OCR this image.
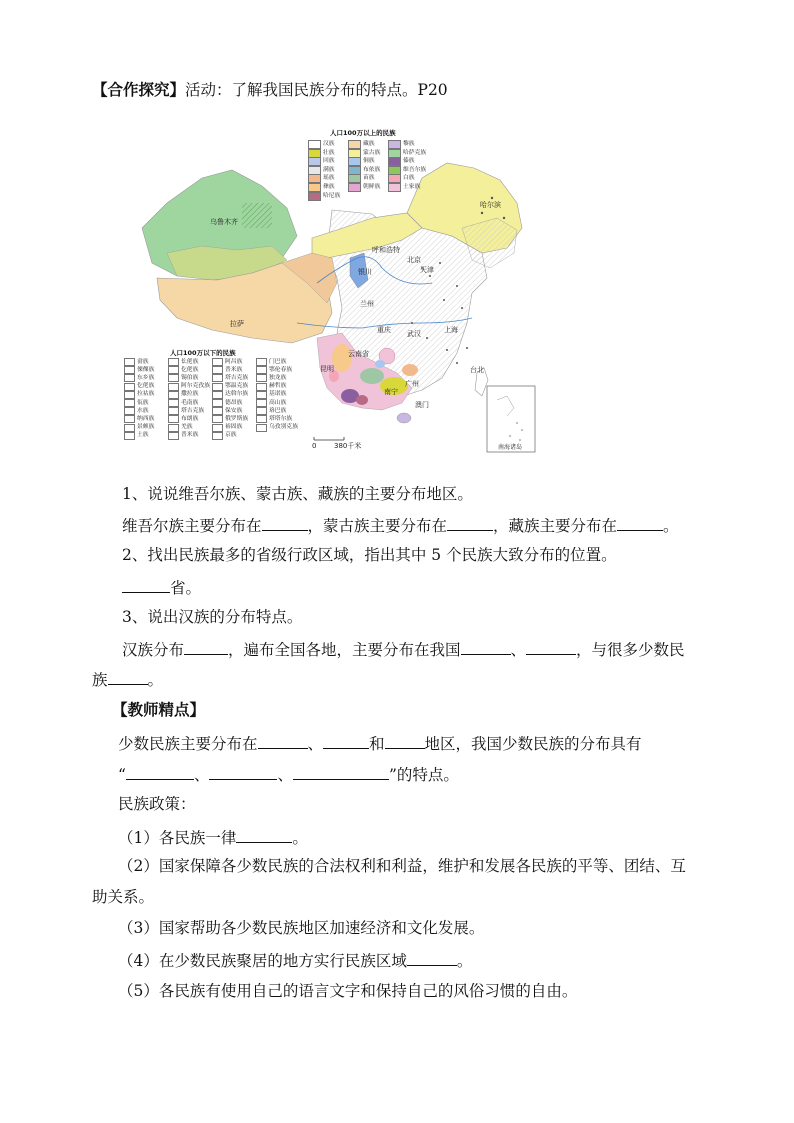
【合作探究】活动：了解我国民族分布的特点。P20
人口100万以上的民族
汉族	藏族	黎族
壮族	蒙古族	哈萨克族
回族	侗族	傣族
满族	布依族	维吾尔族
瑶族	苗族	白族
彝族	朝鲜族	土家族
哈尼族
人口100万以下的民族
畲族	仫佬族	阿昌族	门巴族
傈僳族	仡佬族	普米族	鄂伦春族
东乡族	锡伯族	塔吉克族	独龙族
仡佬族	阿尔克孜族	鄂温克族	赫哲族
拉祜族	撒拉族	达斡尔族	基诺族
佤族	毛南族	德昂族	高山族
水族	塔吉克族	保安族	珞巴族
纳西族	布朗族	俄罗斯族	塔塔尔族
景颇族	羌族	裕固族	乌孜别克族
土族	普米族	京族
乌鲁木齐
哈尔滨
呼和浩特
北京
天津
银川
兰州
拉萨
重庆 武汉	上海
昆明
南宁
广州
澳门
台北
云南省
0	380千米	南海诸岛
1、说说维吾尔族、蒙古族、藏族的主要分布地区。
维吾尔族主要分布在	，蒙古族主要分布在	，藏族主要分布在	。
2、找出民族最多的省级行政区域，指出其中 5 个民族大致分布的位置。
省。
3、说出汉族的分布特点。
汉族分布	，遍布全国各地，主要分布在我国	、	，与很多少数民
族	。
【教师精点】
少数民族主要分布在	、	和	地区，我国少数民族的分布具有
“	、	、	”的特点。
民族政策：
（1）各民族一律	。
（2）国家保障各少数民族的合法权利和利益，维护和发展各民族的平等、团结、互
助关系。
（3）国家帮助各少数民族地区加速经济和文化发展。
（4）在少数民族聚居的地方实行民族区域	。
（5）各民族有使用自己的语言文字和保持自己的风俗习惯的自由。
